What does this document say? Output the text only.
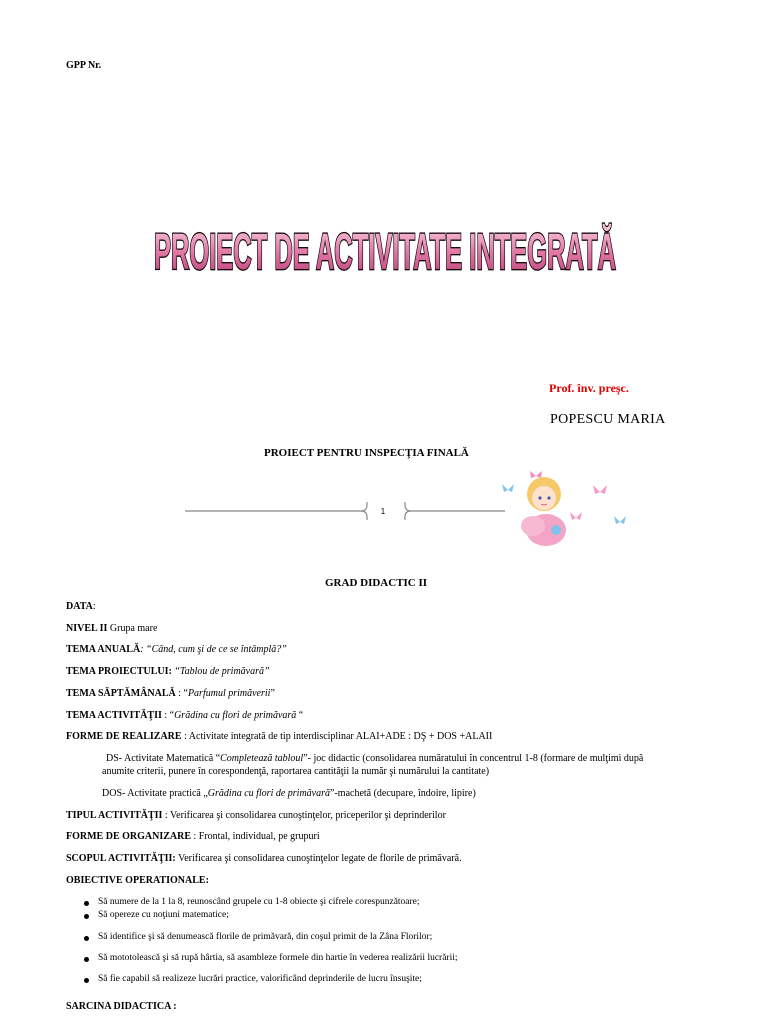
GPP Nr.
PROIECT DE ACTIVITATE INTEGRATĂ
Prof. înv. preşc.
POPESCU MARIA
PROIECT PENTRU INSPECŢIA FINALĂ
1
GRAD DIDACTIC II
DATA:
NIVEL II Grupa mare
TEMA ANUALĂ: “Când, cum şi de ce se întâmplă?”
TEMA PROIECTULUI: “Tablou de primăvară”
TEMA SĂPTĂMÂNALĂ : “Parfumul primăverii”
TEMA ACTIVITĂŢII : “Grădina cu flori de primăvară “
FORME DE REALIZARE : Activitate integrată de tip interdisciplinar ALAI+ADE : DŞ + DOS +ALAII
DS- Activitate Matematică “Completează tabloul”- joc didactic (consolidarea număratului în concentrul 1-8 (formare de mulţimi după
anumite criterii, punere în corespondenţă, raportarea cantităţii la număr şi numărului la cantitate)
DOS- Activitate practică „Grădina cu flori de primăvară”-machetă (decupare, îndoire, lipire)
TIPUL ACTIVITĂŢII : Verificarea şi consolidarea cunoştinţelor, priceperilor şi deprinderilor
FORME DE ORGANIZARE : Frontal, individual, pe grupuri
SCOPUL ACTIVITĂŢII: Verificarea şi consolidarea cunoştinţelor legate de florile de primăvară.
OBIECTIVE OPERATIONALE:
Să numere de la 1 la 8, reunoscând grupele cu 1-8 obiecte şi cifrele corespunzătoare;
Să opereze cu noţiuni matematice;
Să identifice şi să denumească florile de primăvară, din coşul primit de la Zâna Florilor;
Să mototolească şi să rupă hârtia, să asambleze formele din hartie în vederea realizării lucrării;
Să fie capabil să realizeze lucrări practice, valorificând deprinderile de lucru însuşite;
SARCINA DIDACTICA :
